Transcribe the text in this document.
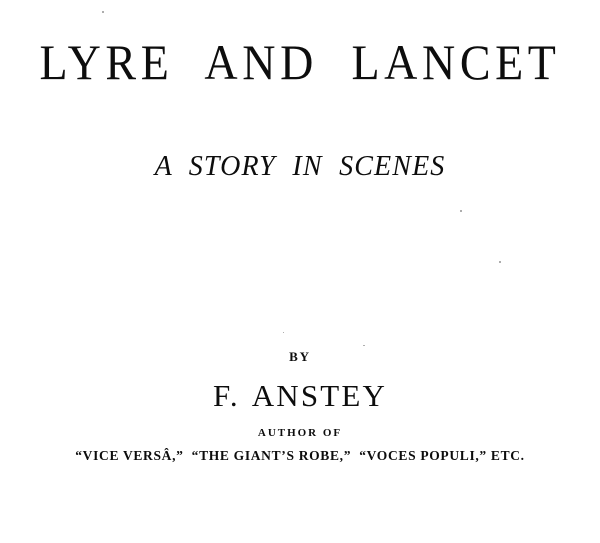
LYRE AND LANCET
A STORY IN SCENES
BY
F. ANSTEY
AUTHOR OF
“VICE VERSÂ,”  “THE GIANT’S ROBE,”  “VOCES POPULI,” ETC.
